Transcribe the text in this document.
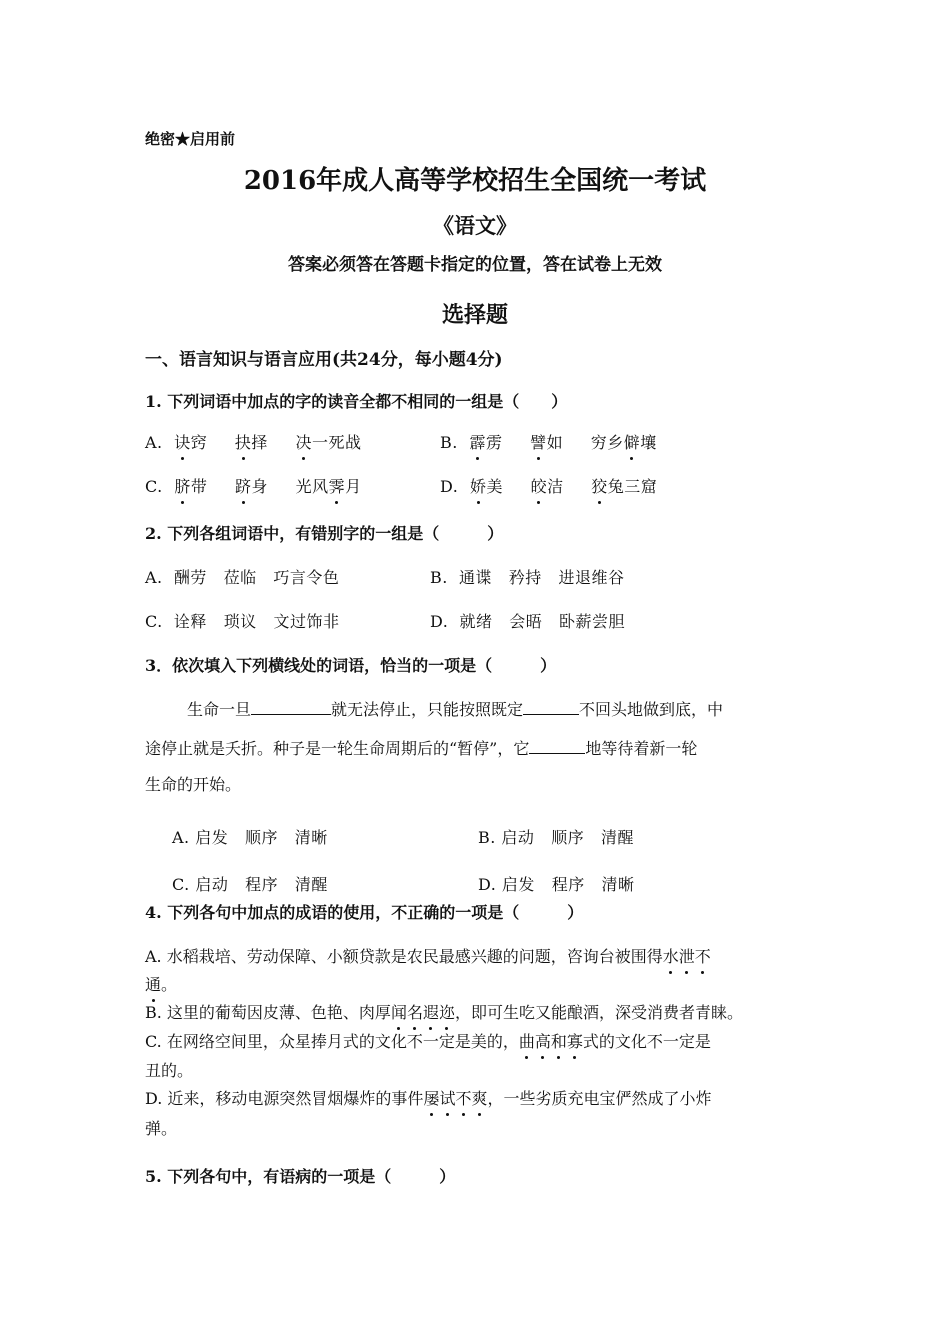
绝密★启用前
2016年成人高等学校招生全国统一考试
《语文》
答案必须答在答题卡指定的位置，答在试卷上无效
选择题
一、语言知识与语言应用(共24分，每小题4分)
1. 下列词语中加点的字的读音全都不相同的一组是（　　）
A. 诀窍 抉择 决一死战	B. 霹雳 譬如 穷乡僻壤
C. 脐带 跻身 光风霁月	D. 娇美 皎洁 狡兔三窟
2. 下列各组词语中，有错别字的一组是（　　　）
A.  酬劳   莅临   巧言令色	B.  通谍   矜持   进退维谷
C.  诠释   琐议   文过饰非	D.  就绪   会晤   卧薪尝胆
3．依次填入下列横线处的词语，恰当的一项是（　　　）
生命一旦	就无法停止，只能按照既定	不回头地做到底，中
途停止就是夭折。种子是一轮生命周期后的“暂停”，它	地等待着新一轮
生命的开始。
A. 启发   顺序   清晰	B. 启动   顺序   清醒
C. 启动   程序   清醒	D. 启发   程序   清晰
4. 下列各句中加点的成语的使用，不正确的一项是（　　　）
A. 水稻栽培、劳动保障、小额贷款是农民最感兴趣的问题，咨询台被围得水泄不
通。
B. 这里的葡萄因皮薄、色艳、肉厚闻名遐迩，即可生吃又能酿酒，深受消费者青睐。
C. 在网络空间里，众星捧月式的文化不一定是美的，曲高和寡式的文化不一定是
丑的。
D. 近来，移动电源突然冒烟爆炸的事件屡试不爽，一些劣质充电宝俨然成了小炸
弹。
5. 下列各句中，有语病的一项是（　　　）
